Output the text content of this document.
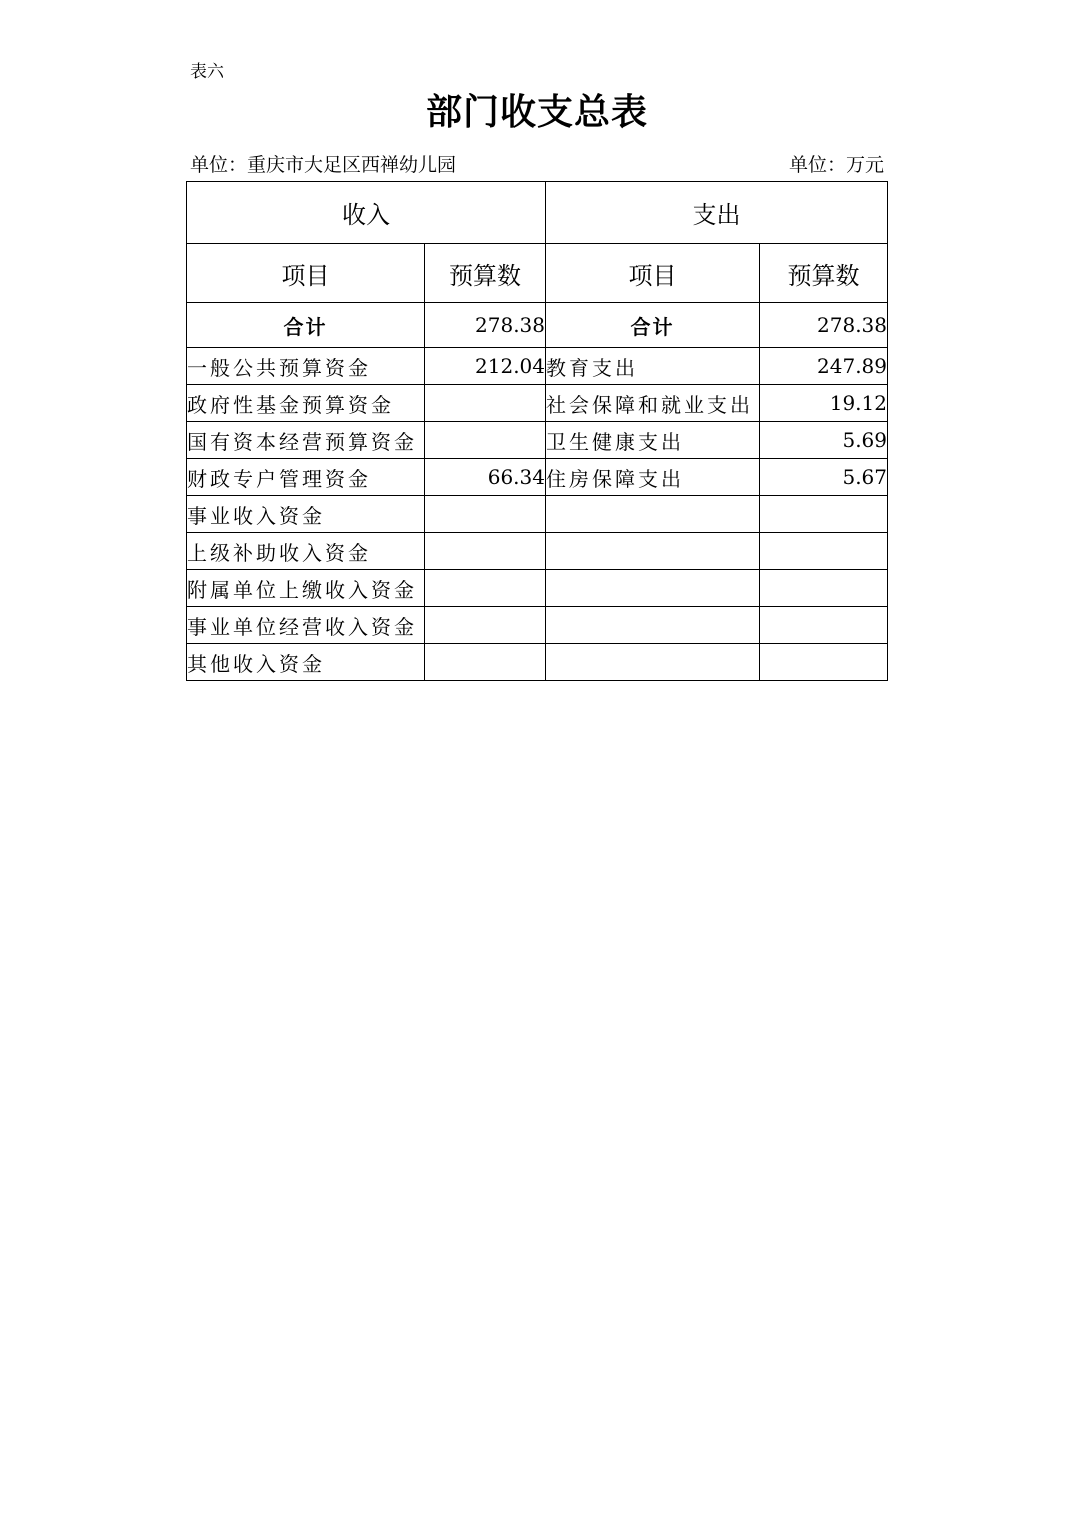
表六
部门收支总表
单位：重庆市大足区西禅幼儿园	单位：万元
收入		支出	
项目	预算数	项目	预算数
合计	278.38	合计	278.38
一般公共预算资金	212.04	教育支出	247.89
政府性基金预算资金		社会保障和就业支出	19.12
国有资本经营预算资金		卫生健康支出	5.69
财政专户管理资金	66.34	住房保障支出	5.67
事业收入资金			
上级补助收入资金			
附属单位上缴收入资金			
事业单位经营收入资金			
其他收入资金			
